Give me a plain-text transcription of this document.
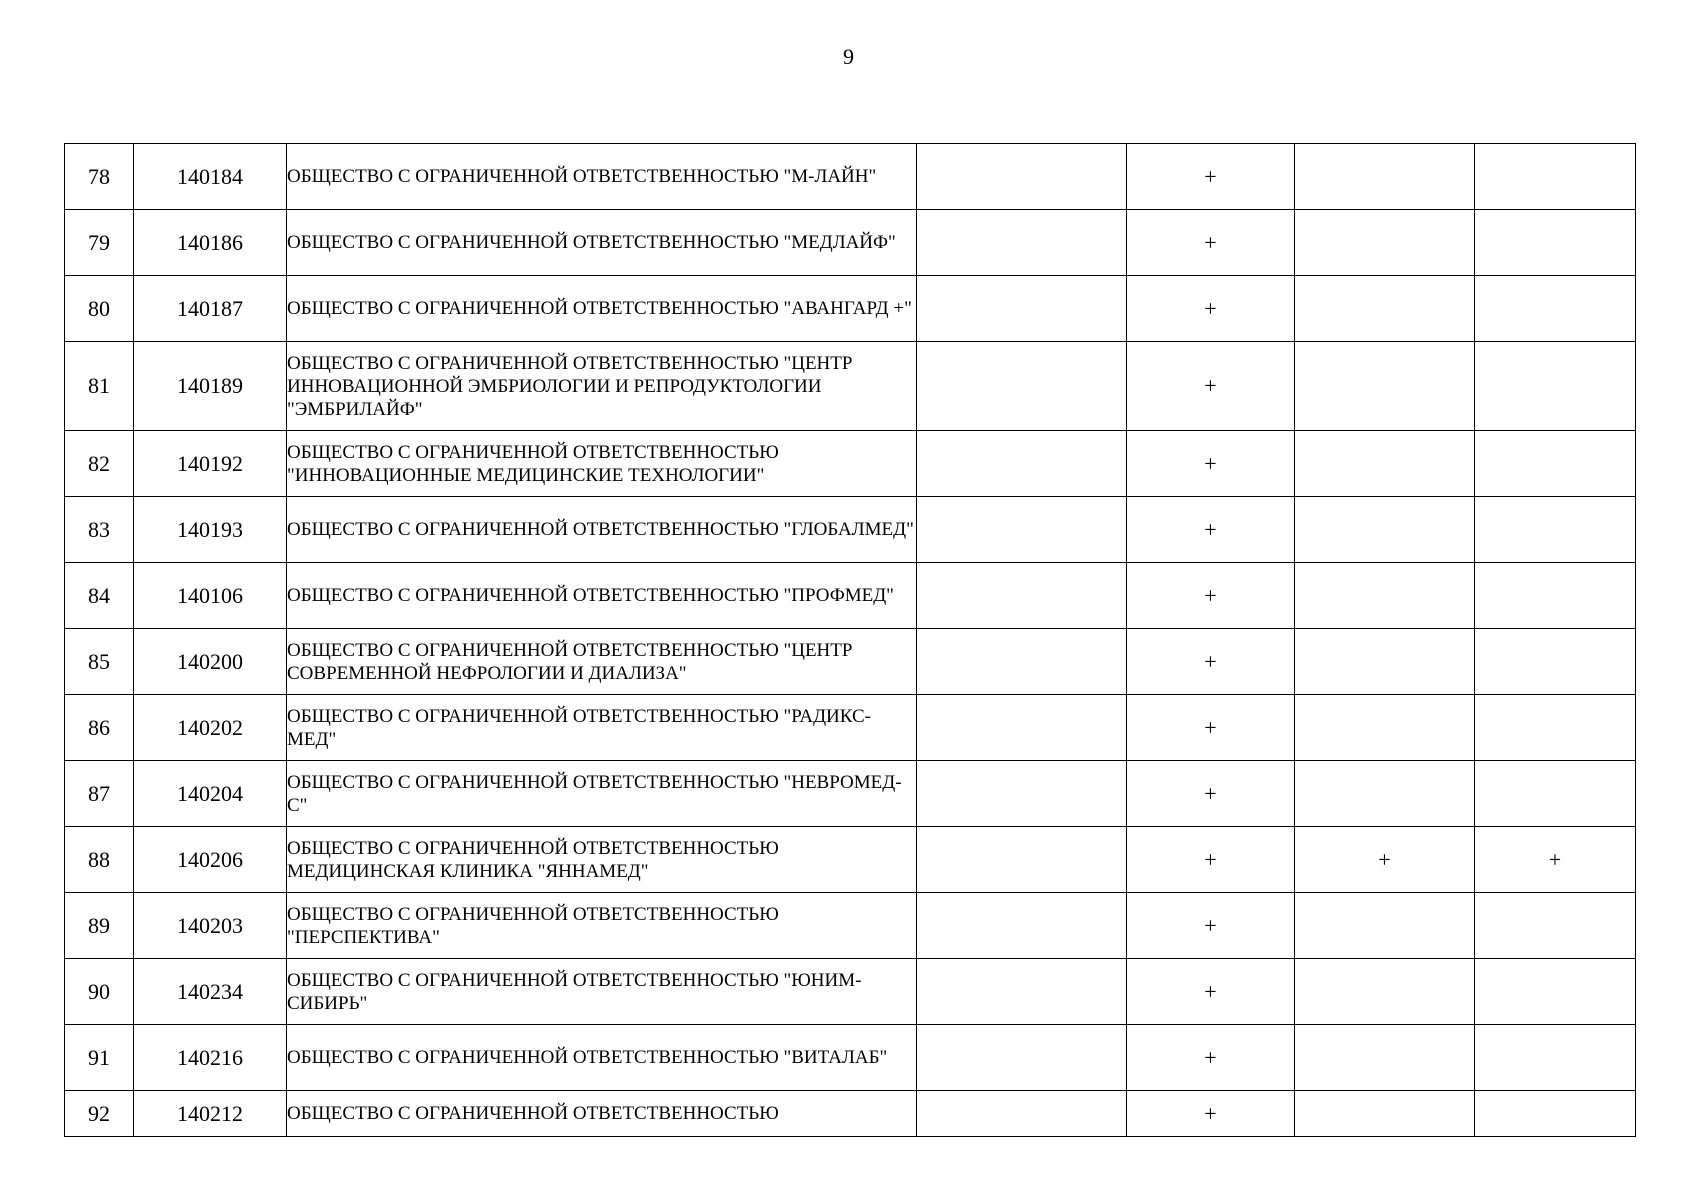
9
78	140184	ОБЩЕСТВО С ОГРАНИЧЕННОЙ ОТВЕТСТВЕННОСТЬЮ "М-ЛАЙН"		+		
79	140186	ОБЩЕСТВО С ОГРАНИЧЕННОЙ ОТВЕТСТВЕННОСТЬЮ "МЕДЛАЙФ"		+		
80	140187	ОБЩЕСТВО С ОГРАНИЧЕННОЙ ОТВЕТСТВЕННОСТЬЮ "АВАНГАРД +"		+		
81	140189	ОБЩЕСТВО С ОГРАНИЧЕННОЙ ОТВЕТСТВЕННОСТЬЮ "ЦЕНТР ИННОВАЦИОННОЙ ЭМБРИОЛОГИИ И РЕПРОДУКТОЛОГИИ "ЭМБРИЛАЙФ"		+		
82	140192	ОБЩЕСТВО С ОГРАНИЧЕННОЙ ОТВЕТСТВЕННОСТЬЮ "ИННОВАЦИОННЫЕ МЕДИЦИНСКИЕ ТЕХНОЛОГИИ"		+		
83	140193	ОБЩЕСТВО С ОГРАНИЧЕННОЙ ОТВЕТСТВЕННОСТЬЮ "ГЛОБАЛМЕД"		+		
84	140106	ОБЩЕСТВО С ОГРАНИЧЕННОЙ ОТВЕТСТВЕННОСТЬЮ "ПРОФМЕД"		+		
85	140200	ОБЩЕСТВО С ОГРАНИЧЕННОЙ ОТВЕТСТВЕННОСТЬЮ "ЦЕНТР СОВРЕМЕННОЙ НЕФРОЛОГИИ И ДИАЛИЗА"		+		
86	140202	ОБЩЕСТВО С ОГРАНИЧЕННОЙ ОТВЕТСТВЕННОСТЬЮ "РАДИКС-МЕД"		+		
87	140204	ОБЩЕСТВО С ОГРАНИЧЕННОЙ ОТВЕТСТВЕННОСТЬЮ "НЕВРОМЕД-С"		+		
88	140206	ОБЩЕСТВО С ОГРАНИЧЕННОЙ ОТВЕТСТВЕННОСТЬЮ МЕДИЦИНСКАЯ КЛИНИКА "ЯННАМЕД"		+	+	+
89	140203	ОБЩЕСТВО С ОГРАНИЧЕННОЙ ОТВЕТСТВЕННОСТЬЮ "ПЕРСПЕКТИВА"		+		
90	140234	ОБЩЕСТВО С ОГРАНИЧЕННОЙ ОТВЕТСТВЕННОСТЬЮ "ЮНИМ-СИБИРЬ"		+		
91	140216	ОБЩЕСТВО С ОГРАНИЧЕННОЙ ОТВЕТСТВЕННОСТЬЮ "ВИТАЛАБ"		+		
92	140212	ОБЩЕСТВО С ОГРАНИЧЕННОЙ ОТВЕТСТВЕННОСТЬЮ		+		
